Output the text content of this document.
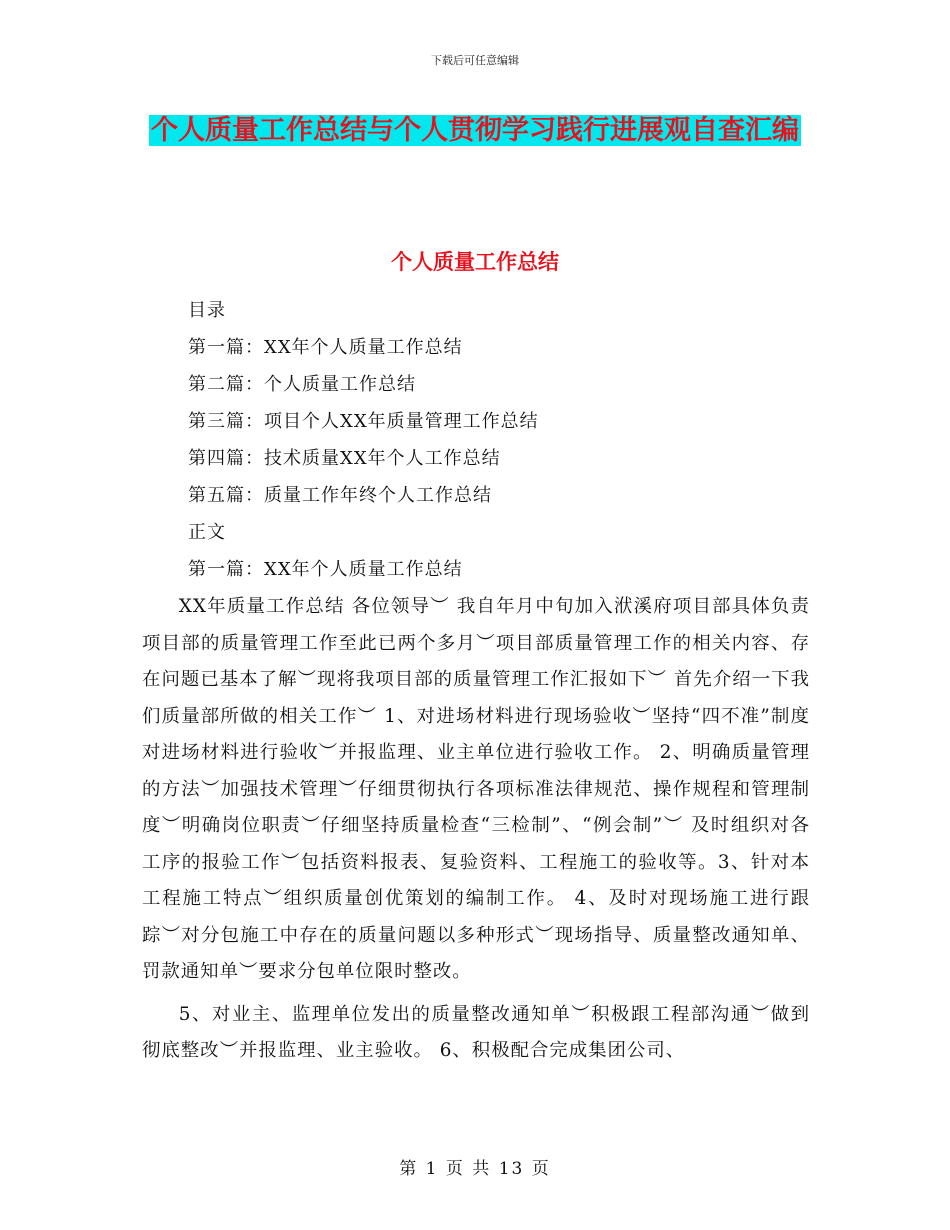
下载后可任意编辑
个人质量工作总结与个人贯彻学习践行进展观自查汇编
个人质量工作总结
目录
第一篇：XX年个人质量工作总结
第二篇：个人质量工作总结
第三篇：项目个人XX年质量管理工作总结
第四篇：技术质量XX年个人工作总结
第五篇：质量工作年终个人工作总结
正文
第一篇：XX年个人质量工作总结

XX年质量工作总结 各位领导︶ 我自年月中旬加入洑溪府项目部具体负责项目部的质量管理工作至此已两个多月︶项目部质量管理工作的相关内容、存在问题已基本了解︶现将我项目部的质量管理工作汇报如下︶ 首先介绍一下我们质量部所做的相关工作︶ 1、对进场材料进行现场验收︶坚持“四不准”制度对进场材料进行验收︶并报监理、业主单位进行验收工作。 2、明确质量管理的方法︶加强技术管理︶仔细贯彻执行各项标准法律规范、操作规程和管理制度︶明确岗位职责︶仔细坚持质量检查“三检制”、“例会制”︶ 及时组织对各工序的报验工作︶包括资料报表、复验资料、工程施工的验收等。3、针对本工程施工特点︶组织质量创优策划的编制工作。 4、及时对现场施工进行跟踪︶对分包施工中存在的质量问题以多种形式︶现场指导、质量整改通知单、罚款通知单︶要求分包单位限时整改。

5、对业主、监理单位发出的质量整改通知单︶积极跟工程部沟通︶做到彻底整改︶并报监理、业主验收。 6、积极配合完成集团公司、

第 1 页 共 13 页
